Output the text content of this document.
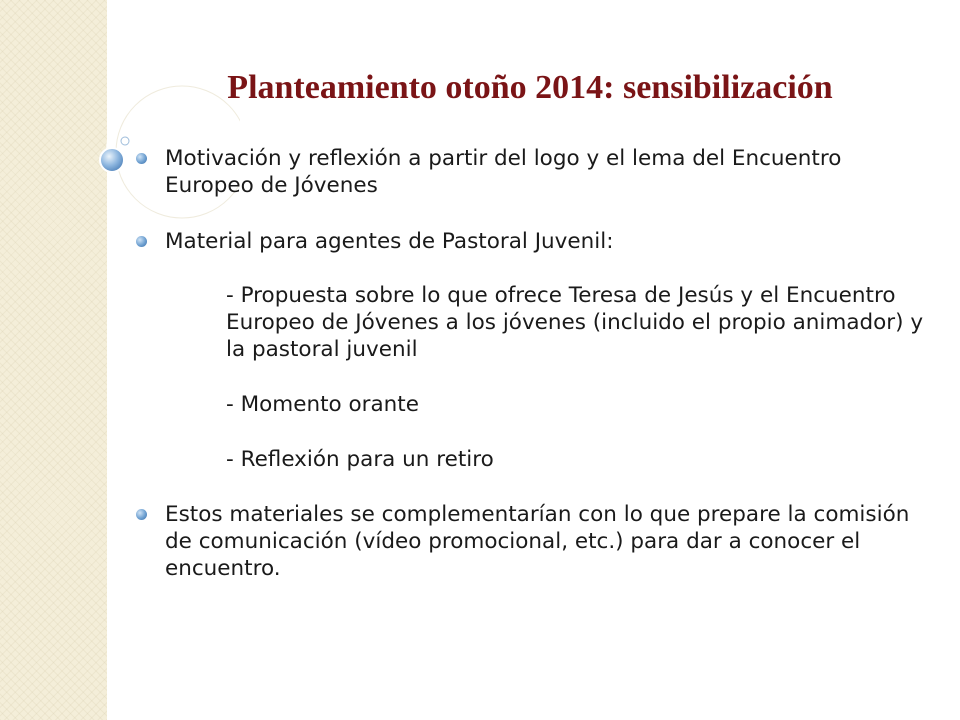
Planteamiento otoño 2014: sensibilización
Motivación y reflexión a partir del logo y el lema del Encuentro Europeo de Jóvenes
Material para agentes de Pastoral Juvenil:
- Propuesta sobre lo que ofrece Teresa de Jesús y el Encuentro Europeo de Jóvenes a los jóvenes (incluido el propio animador) y la pastoral juvenil
- Momento orante
- Reflexión para un retiro
Estos materiales se complementarían con lo que prepare la comisión de comunicación (vídeo promocional, etc.) para dar a conocer el encuentro.
